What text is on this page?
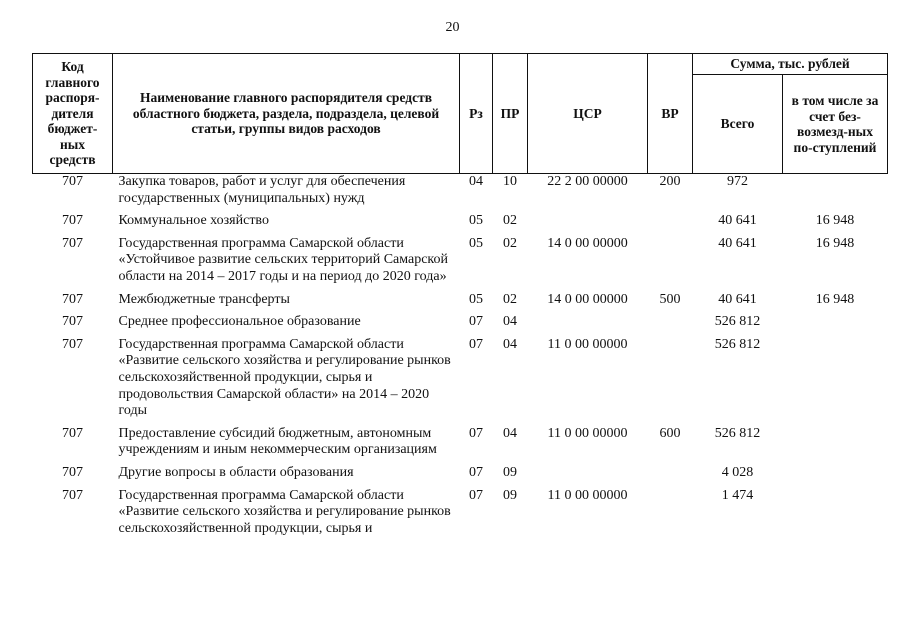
20
Код главного распоря-дителя бюджет-ных средств	Наименование главного распорядителя средств областного бюджета, раздела, подраздела, целевой статьи, группы видов расходов	Рз	ПР	ЦСР	ВР	Сумма, тыс. рублей	
						Всего	в том числе за счет без-возмезд-ных по-ступлений
707	Закупка товаров, работ и услуг для обеспечения государственных (муниципальных) нужд	04	10	22 2 00 00000	200	972	
707	Коммунальное хозяйство	05	02			40 641	16 948
707	Государственная программа Самарской области «Устойчивое развитие сельских территорий Самарской области на 2014 – 2017 годы и на период до 2020 года»	05	02	14 0 00 00000		40 641	16 948
707	Межбюджетные трансферты	05	02	14 0 00 00000	500	40 641	16 948
707	Среднее профессиональное образование	07	04			526 812	
707	Государственная программа Самарской области «Развитие сельского хозяйства и регулирование рынков сельскохозяйственной продукции, сырья и продовольствия Самарской области» на 2014 – 2020 годы	07	04	11 0 00 00000		526 812	
707	Предоставление субсидий бюджетным, автономным учреждениям и иным некоммерческим организациям	07	04	11 0 00 00000	600	526 812	
707	Другие вопросы в области образования	07	09			4 028	
707	Государственная программа Самарской области «Развитие сельского хозяйства и регулирование рынков сельскохозяйственной продукции, сырья и	07	09	11 0 00 00000		1 474	
